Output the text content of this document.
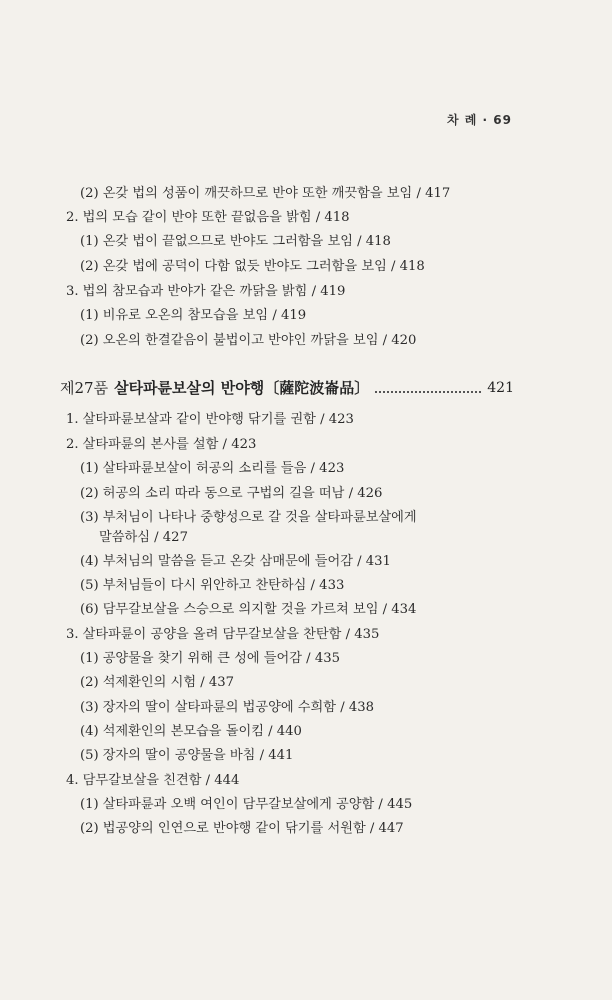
차 례 · 69
(2) 온갖 법의 성품이 깨끗하므로 반야 또한 깨끗함을 보임 / 417
2. 법의 모습 같이 반야 또한 끝없음을 밝힘 / 418
(1) 온갖 법이 끝없으므로 반야도 그러함을 보임 / 418
(2) 온갖 법에 공덕이 다함 없듯 반야도 그러함을 보임 / 418
3. 법의 참모습과 반야가 같은 까닭을 밝힘 / 419
(1) 비유로 오온의 참모습을 보임 / 419
(2) 오온의 한결같음이 불법이고 반야인 까닭을 보임 / 420
제27품 살타파륜보살의 반야행〔薩陀波崙品〕	421
1. 살타파륜보살과 같이 반야행 닦기를 권함 / 423
2. 살타파륜의 본사를 설함 / 423
(1) 살타파륜보살이 허공의 소리를 들음 / 423
(2) 허공의 소리 따라 동으로 구법의 길을 떠남 / 426
(3) 부처님이 나타나 중향성으로 갈 것을 살타파륜보살에게
말씀하심 / 427
(4) 부처님의 말씀을 듣고 온갖 삼매문에 들어감 / 431
(5) 부처님들이 다시 위안하고 찬탄하심 / 433
(6) 담무갈보살을 스승으로 의지할 것을 가르쳐 보임 / 434
3. 살타파륜이 공양을 올려 담무갈보살을 찬탄함 / 435
(1) 공양물을 찾기 위해 큰 성에 들어감 / 435
(2) 석제환인의 시험 / 437
(3) 장자의 딸이 살타파륜의 법공양에 수희함 / 438
(4) 석제환인의 본모습을 돌이킴 / 440
(5) 장자의 딸이 공양물을 바침 / 441
4. 담무갈보살을 친견함 / 444
(1) 살타파륜과 오백 여인이 담무갈보살에게 공양함 / 445
(2) 법공양의 인연으로 반야행 같이 닦기를 서원함 / 447
